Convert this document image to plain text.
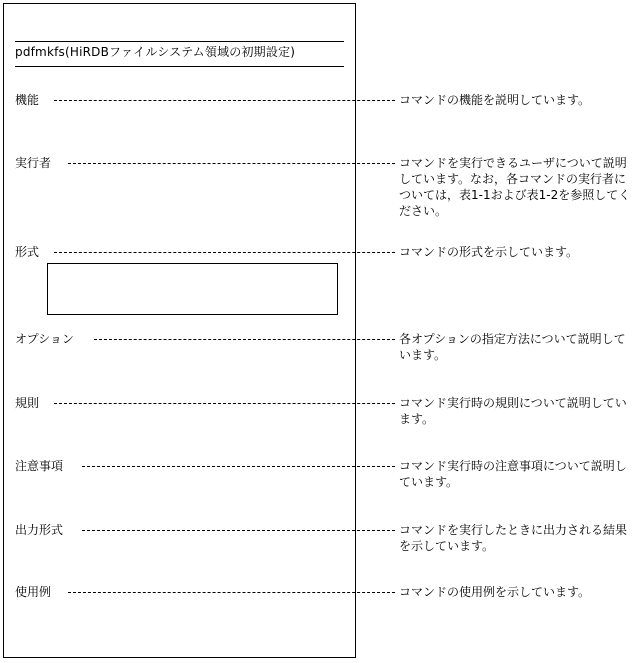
pdfmkfs(HiRDBファイルシステム領域の初期設定)
機能	コマンドの機能を説明しています。
実行者	コマンドを実行できるユーザについて説明しています。なお，各コマンドの実行者については，表1-1および表1-2を参照してください。
形式	コマンドの形式を示しています。
オプション	各オプションの指定方法について説明しています。
規則	コマンド実行時の規則について説明しています。
注意事項	コマンド実行時の注意事項について説明しています。
出力形式	コマンドを実行したときに出力される結果を示しています。
使用例	コマンドの使用例を示しています。
